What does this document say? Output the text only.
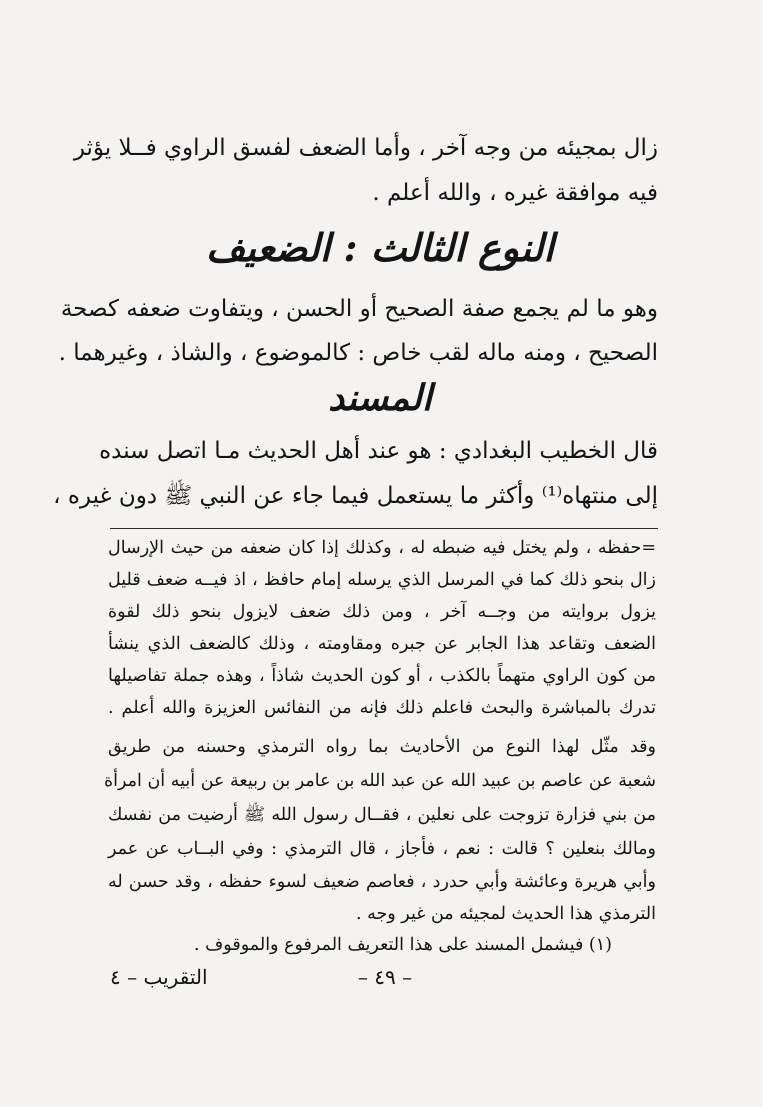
زال بمجيئه من وجه آخر ، وأما الضعف لفسق الراوي فــلا يؤثر
فيه موافقة غيره ، والله أعلم .
النوع الثالث : الضعيف
وهو ما لم يجمع صفة الصحيح أو الحسن ، ويتفاوت ضعفه كصحة
الصحيح ، ومنه ماله لقب خاص : كالموضوع ، والشاذ ، وغيرهما .
المسند
قال الخطيب البغدادي : هو عند أهل الحديث مـا اتصل سنده
إلى منتهاه⁽¹⁾ وأكثر ما يستعمل فيما جاء عن النبي ﷺ دون غيره ،
=حفظه ، ولم يختل فيه ضبطه له ، وكذلك إذا كان ضعفه من حيث الإرسال
زال بنحو ذلك كما في المرسل الذي يرسله إمام حافظ ، اذ فيــه ضعف قليل
يزول بروايته من وجــه آخر ، ومن ذلك ضعف لايزول بنحو ذلك لقوة
الضعف وتقاعد هذا الجابر عن جبره ومقاومته ، وذلك كالضعف الذي ينشأ
من كون الراوي متهماً بالكذب ، أو كون الحديث شاذاً ، وهذه جملة تفاصيلها
تدرك بالمباشرة والبحث فاعلم ذلك فإنه من النفائس العزيزة والله أعلم .
وقد مثّل لهذا النوع من الأحاديث بما رواه الترمذي وحسنه من طريق
شعبة عن عاصم بن عبيد الله عن عبد الله بن عامر بن ربيعة عن أبيه أن امرأة
من بني فزارة تزوجت على نعلين ، فقــال رسول الله ﷺ أرضيت من نفسك
ومالك بنعلين ؟ قالت : نعم ، فأجاز ، قال الترمذي : وفي البــاب عن عمر
وأبي هريرة وعائشة وأبي حدرد ، فعاصم ضعيف لسوء حفظه ، وقد حسن له
الترمذي هذا الحديث لمجيئه من غير وجه .
(١) فيشمل المسند على هذا التعريف المرفوع والموقوف .
– ٤٩ –
التقريب – ٤
